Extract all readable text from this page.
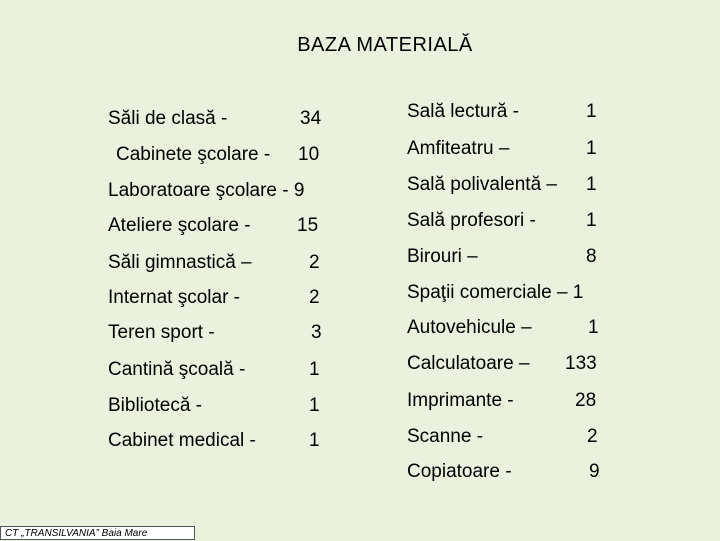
BAZA MATERIALĂ
Săli de clasă -	34
Cabinete şcolare - 10
Laboratoare şcolare - 9
Ateliere şcolare - 15
Săli gimnastică –	2
Internat şcolar -	2
Teren sport -	3
Cantină şcoală -	1
Bibliotecă -	1
Cabinet medical -	1
Sală lectură -	1
Amfiteatru –	1
Sală polivalentă – 1
Sală profesori -	1
Birouri –	8
Spaţii comerciale – 1
Autovehicule –	1
Calculatoare – 133
Imprimante -	28
Scanne -	2
Copiatoare -	9
CT „TRANSILVANIA” Baia Mare
